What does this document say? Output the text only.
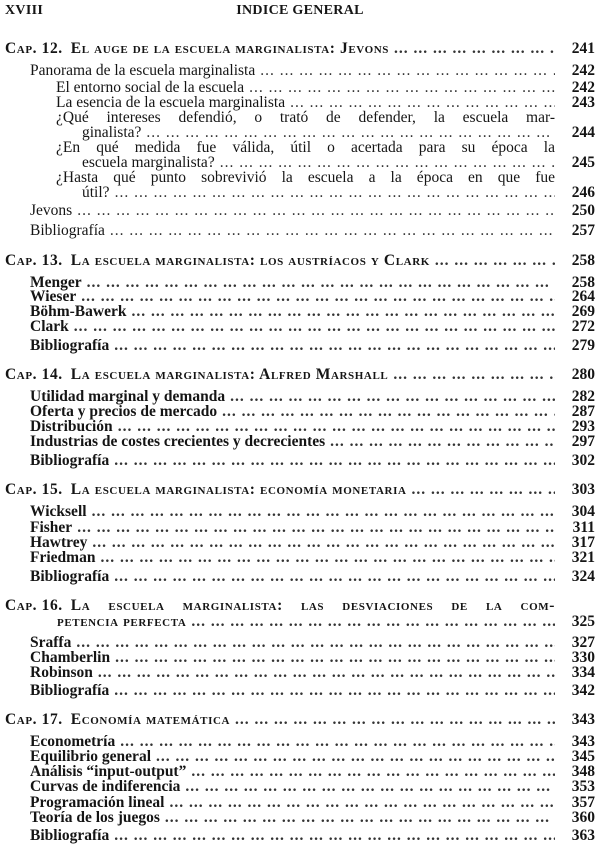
XVIII	INDICE GENERAL
241
Cap. 12. El auge de la escuela marginalista: Jevons
... .
242
Panorama de la escuela marginalista
... .
242
El entorno social de la escuela
... .
243
La esencia de la escuela marginalista
... .
¿Qué intereses defendió, o trató de defender, la escuela mar-
244
ginalista?
... .
¿En qué medida fue válida, útil o acertada para su época la
245
escuela marginalista?
... .
¿Hasta qué punto sobrevivió la escuela a la época en que fue
246
útil?
... .
250
Jevons
... .
257
Bibliografía
... .
258
Cap. 13. La escuela marginalista: los austríacos y Clark
... .
258
Menger
... .
264
Wieser
... .
269
Böhm-Bawerk
... .
272
Clark
... .
279
Bibliografía
... .
280
Cap. 14. La escuela marginalista: Alfred Marshall
... .
282
Utilidad marginal y demanda
... .
287
Oferta y precios de mercado
... .
293
Distribución
... .
297
Industrias de costes crecientes y decrecientes
... .
302
Bibliografía
... .
303
Cap. 15. La escuela marginalista: economía monetaria
... .
304
Wicksell
... .
311
Fisher
... .
317
Hawtrey
... .
321
Friedman
... .
324
Bibliografía
... .
Cap. 16. La escuela marginalista: las desviaciones de la com-
325
petencia perfecta
... .
327
Sraffa
... .
330
Chamberlin
... .
334
Robinson
... .
342
Bibliografía
... .
343
Cap. 17. Economía matemática
... .
343
Econometría
... .
345
Equilibrio general
... .
348
Análisis “input-output”
... .
353
Curvas de indiferencia
... .
357
Programación lineal
... .
360
Teoría de los juegos
... .
363
Bibliografía
... .
